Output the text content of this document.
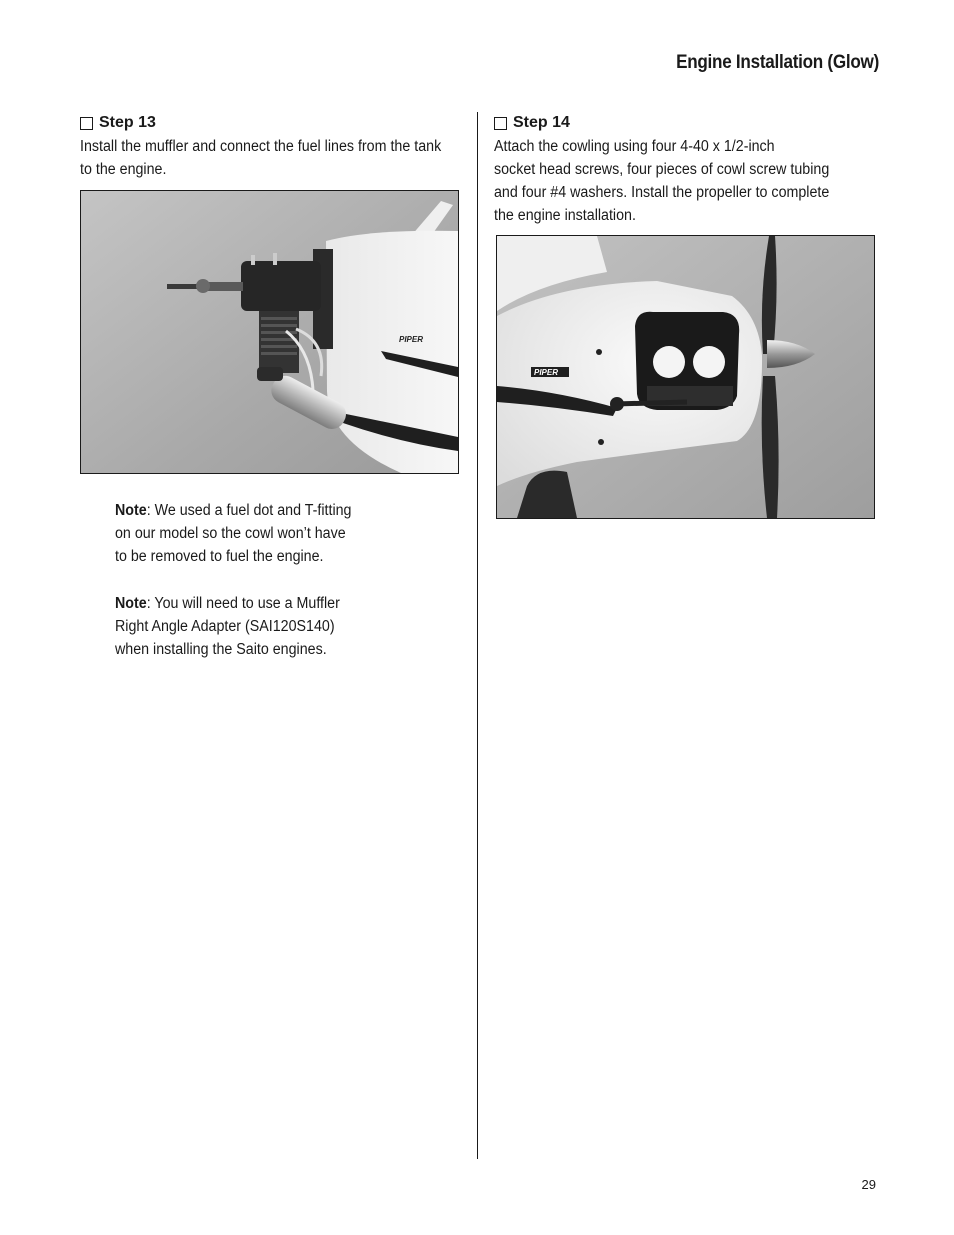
Engine Installation (Glow)
Step 13
Install the muffler and connect the fuel lines from the tank
to the engine.
PIPER
Note: We used a fuel dot and T-fitting
on our model so the cowl won’t have
to be removed to fuel the engine.
Note: You will need to use a Muffler
Right Angle Adapter (SAI120S140)
when installing the Saito engines.
Step 14
Attach the cowling using four 4-40 x 1/2-inch
socket head screws, four pieces of cowl screw tubing
and four #4 washers. Install the propeller to complete
the engine installation.
PIPER
29
